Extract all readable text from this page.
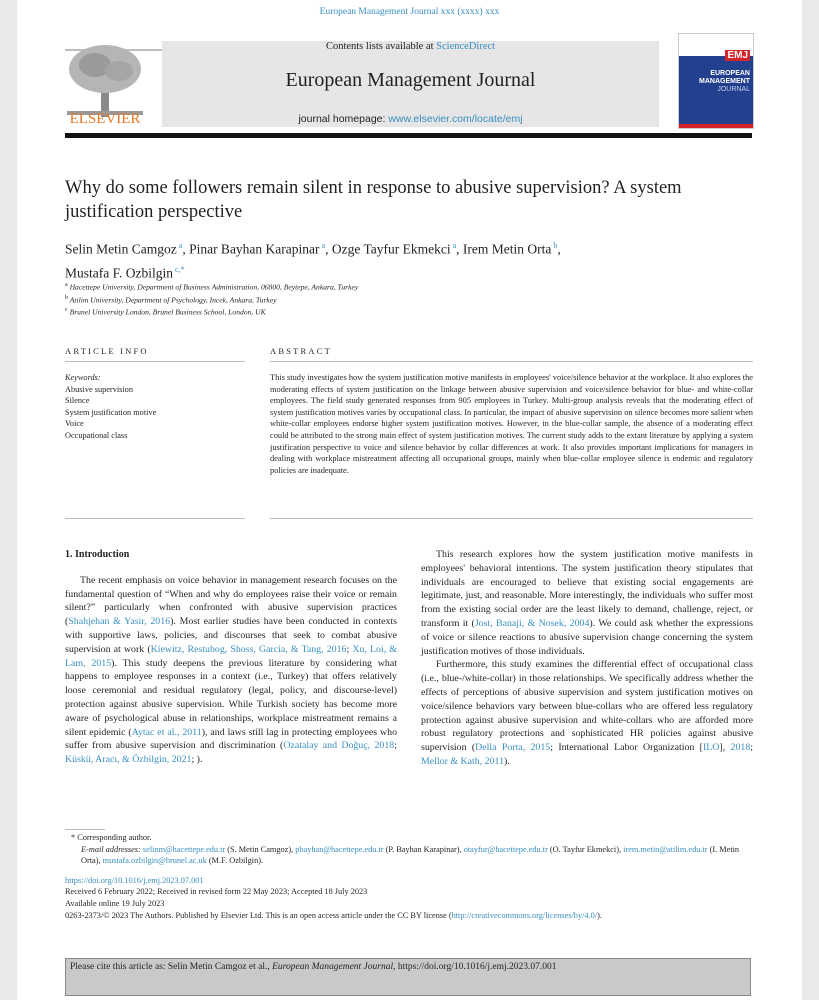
European Management Journal xxx (xxxx) xxx
ELSEVIER
Contents lists available at ScienceDirect
European Management Journal
journal homepage: www.elsevier.com/locate/emj
EMJ
EUROPEAN
MANAGEMENT
JOURNAL
Why do some followers remain silent in response to abusive supervision? A system justification perspective
Selin Metin Camgoz $^a$, Pinar Bayhan Karapinar $^a$, Ozge Tayfur Ekmekci $^a$, Irem Metin Orta $^b$,
Mustafa F. Ozbilgin $^{c,*}$
$^a$ Hacettepe University, Department of Business Administration, 06800, Beytepe, Ankara, Turkey
$^b$ Atilim University, Department of Psychology, Incek, Ankara, Turkey
$^c$ Brunel University London, Brunel Business School, London, UK
ARTICLE INFO	ABSTRACT
Keywords:
Abusive supervision
Silence
System justification motive
Voice
Occupational class
This study investigates how the system justification motive manifests in employees' voice/silence behavior at the workplace. It also explores the moderating effects of system justification on the linkage between abusive supervision and voice/silence behavior for blue- and white-collar employees. The field study generated responses from 905 employees in Turkey. Multi-group analysis reveals that the moderating effect of system justification motives varies by occupational class. In particular, the impact of abusive supervision on silence becomes more salient when white-collar employees endorse higher system justification motives. However, in the blue-collar sample, the absence of a moderating effect could be attributed to the strong main effect of system justification motives. The current study adds to the extant literature by applying a system justification perspective to voice and silence behavior by collar differences at work. It also provides important implications for managers in dealing with workplace mistreatment affecting all occupational groups, mainly when blue-collar employee silence is endemic and regulatory policies are inadequate.
1. Introduction

The recent emphasis on voice behavior in management research focuses on the fundamental question of “When and why do employees raise their voice or remain silent?” particularly when confronted with abusive supervision practices (Shahjehan & Yasir, 2016). Most earlier studies have been conducted in contexts with supportive laws, policies, and discourses that seek to combat abusive supervision at work (Kiewitz, Restubog, Shoss, Garcia, & Tang, 2016; Xu, Loi, & Lam, 2015). This study deepens the previous literature by considering what happens to employee responses in a context (i.e., Turkey) that offers relatively loose ceremonial and residual regulatory (legal, policy, and discourse-level) protection against abusive supervision. While Turkish society has become more aware of psychological abuse in relationships, workplace mistreatment remains a silent epidemic (Aytac et al., 2011), and laws still lag in protecting employees who suffer from abusive supervision and discrimination (Ozatalay and Doğuç, 2018; Küskü, Aracı, & Özbilgin, 2021; ).

This research explores how the system justification motive manifests in employees' behavioral intentions. The system justification theory stipulates that individuals are encouraged to believe that existing social engagements are legitimate, just, and reasonable. More interestingly, the individuals who suffer most from the existing social order are the least likely to demand, challenge, reject, or transform it (Jost, Banaji, & Nosek, 2004). We could ask whether the expressions of voice or silence reactions to abusive supervision change concerning the system justification motives of those individuals.

Furthermore, this study examines the differential effect of occupational class (i.e., blue-/white-collar) in those relationships. We specifically address whether the effects of perceptions of abusive supervision and system justification motives on voice/silence behaviors vary between blue-collars who are offered less regulatory protection against abusive supervision and white-collars who are afforded more robust regulatory protections and sophisticated HR policies against abusive supervision (Della Porta, 2015; International Labor Organization [ILO], 2018; Mellor & Kath, 2011).

* Corresponding author.

E-mail addresses: selinm@hacettepe.edu.tr (S. Metin Camgoz), pbayhan@hacettepe.edu.tr (P. Bayhan Karapinar), otayfur@hacettepe.edu.tr (O. Tayfur Ekmekci), irem.metin@atilim.edu.tr (I. Metin Orta), mustafa.ozbilgin@brunel.ac.uk (M.F. Ozbilgin).

https://doi.org/10.1016/j.emj.2023.07.001

Received 6 February 2022; Received in revised form 22 May 2023; Accepted 18 July 2023

Available online 19 July 2023

0263-2373/© 2023 The Authors. Published by Elsevier Ltd. This is an open access article under the CC BY license (http://creativecommons.org/licenses/by/4.0/).

Please cite this article as: Selin Metin Camgoz et al., European Management Journal, https://doi.org/10.1016/j.emj.2023.07.001
